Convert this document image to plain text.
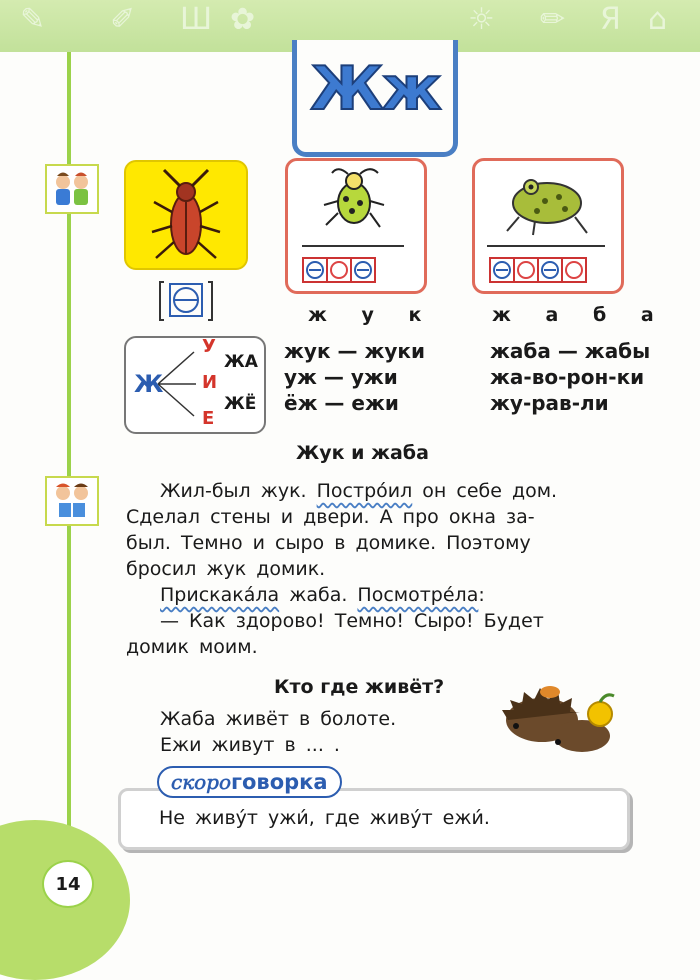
✎ ✐ Ш ✿	☼ ✏ Я ⌂
Жж
ж у к	ж а б а
Ж
У
И
Е
ЖА
ЖЁ
жук — жуки
уж — ужи
ёж — ежи
жаба — жабы
жа-во-рон-ки
жу-рав-ли
Жук и жаба
Жил-был жук. Постро́ил он себе дом.
Сделал стены и двери. А про окна за-
был. Темно и сыро в домике. Поэтому
бросил жук домик.
Прискака́ла жаба. Посмотре́ла:
— Как здорово! Темно! Сыро! Будет
домик моим.
Кто где живёт?
Жаба живёт в болоте.
Ежи живут в ... .
Не живу́т ужи́, где живу́т ежи́.
скоро говорка
14
